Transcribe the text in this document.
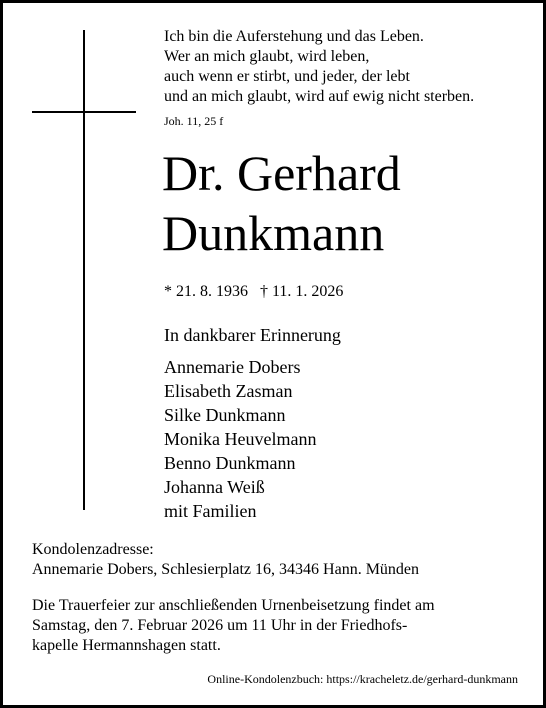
Ich bin die Auferstehung und das Leben.
Wer an mich glaubt, wird leben,
auch wenn er stirbt, und jeder, der lebt
und an mich glaubt, wird auf ewig nicht sterben.
Joh. 11, 25 f
Dr. Gerhard
Dunkmann
* 21. 8. 1936   † 11. 1. 2026
In dankbarer Erinnerung
Annemarie Dobers
Elisabeth Zasman
Silke Dunkmann
Monika Heuvelmann
Benno Dunkmann
Johanna Weiß
mit Familien
Kondolenzadresse:
Annemarie Dobers, Schlesierplatz 16, 34346 Hann. Münden
Die Trauerfeier zur anschließenden Urnenbeisetzung findet am
Samstag, den 7. Februar 2026 um 11 Uhr in der Friedhofs-
kapelle Hermannshagen statt.
Online-Kondolenzbuch: https://kracheletz.de/gerhard-dunkmann
